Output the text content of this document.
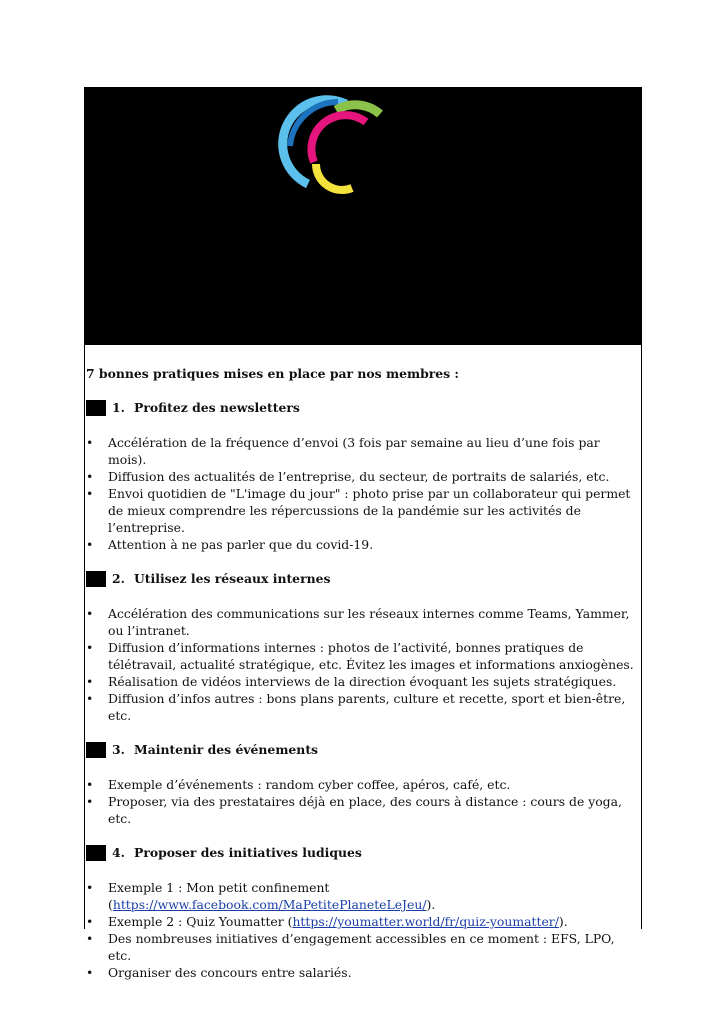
7 bonnes pratiques mises en place par nos membres :

1. Profitez des newsletters
• Accélération de la fréquence d’envoi (3 fois par semaine au lieu d’une fois par mois).
• Diffusion des actualités de l’entreprise, du secteur, de portraits de salariés, etc.
• Envoi quotidien de "L'image du jour" : photo prise par un collaborateur qui permet de mieux comprendre les répercussions de la pandémie sur les activités de l’entreprise.
• Attention à ne pas parler que du covid-19.
2. Utilisez les réseaux internes
• Accélération des communications sur les réseaux internes comme Teams, Yammer, ou l’intranet.
• Diffusion d’informations internes : photos de l’activité, bonnes pratiques de télétravail, actualité stratégique, etc. Évitez les images et informations anxiogènes.
• Réalisation de vidéos interviews de la direction évoquant les sujets stratégiques.
• Diffusion d’infos autres : bons plans parents, culture et recette, sport et bien-être, etc.
3. Maintenir des événements
• Exemple d’événements : random cyber coffee, apéros, café, etc.
• Proposer, via des prestataires déjà en place, des cours à distance : cours de yoga, etc.
4. Proposer des initiatives ludiques
• Exemple 1 : Mon petit confinement (https://www.facebook.com/MaPetitePlaneteLeJeu/).
• Exemple 2 : Quiz Youmatter (https://youmatter.world/fr/quiz-youmatter/).
• Des nombreuses initiatives d’engagement accessibles en ce moment : EFS, LPO, etc.
• Organiser des concours entre salariés.
